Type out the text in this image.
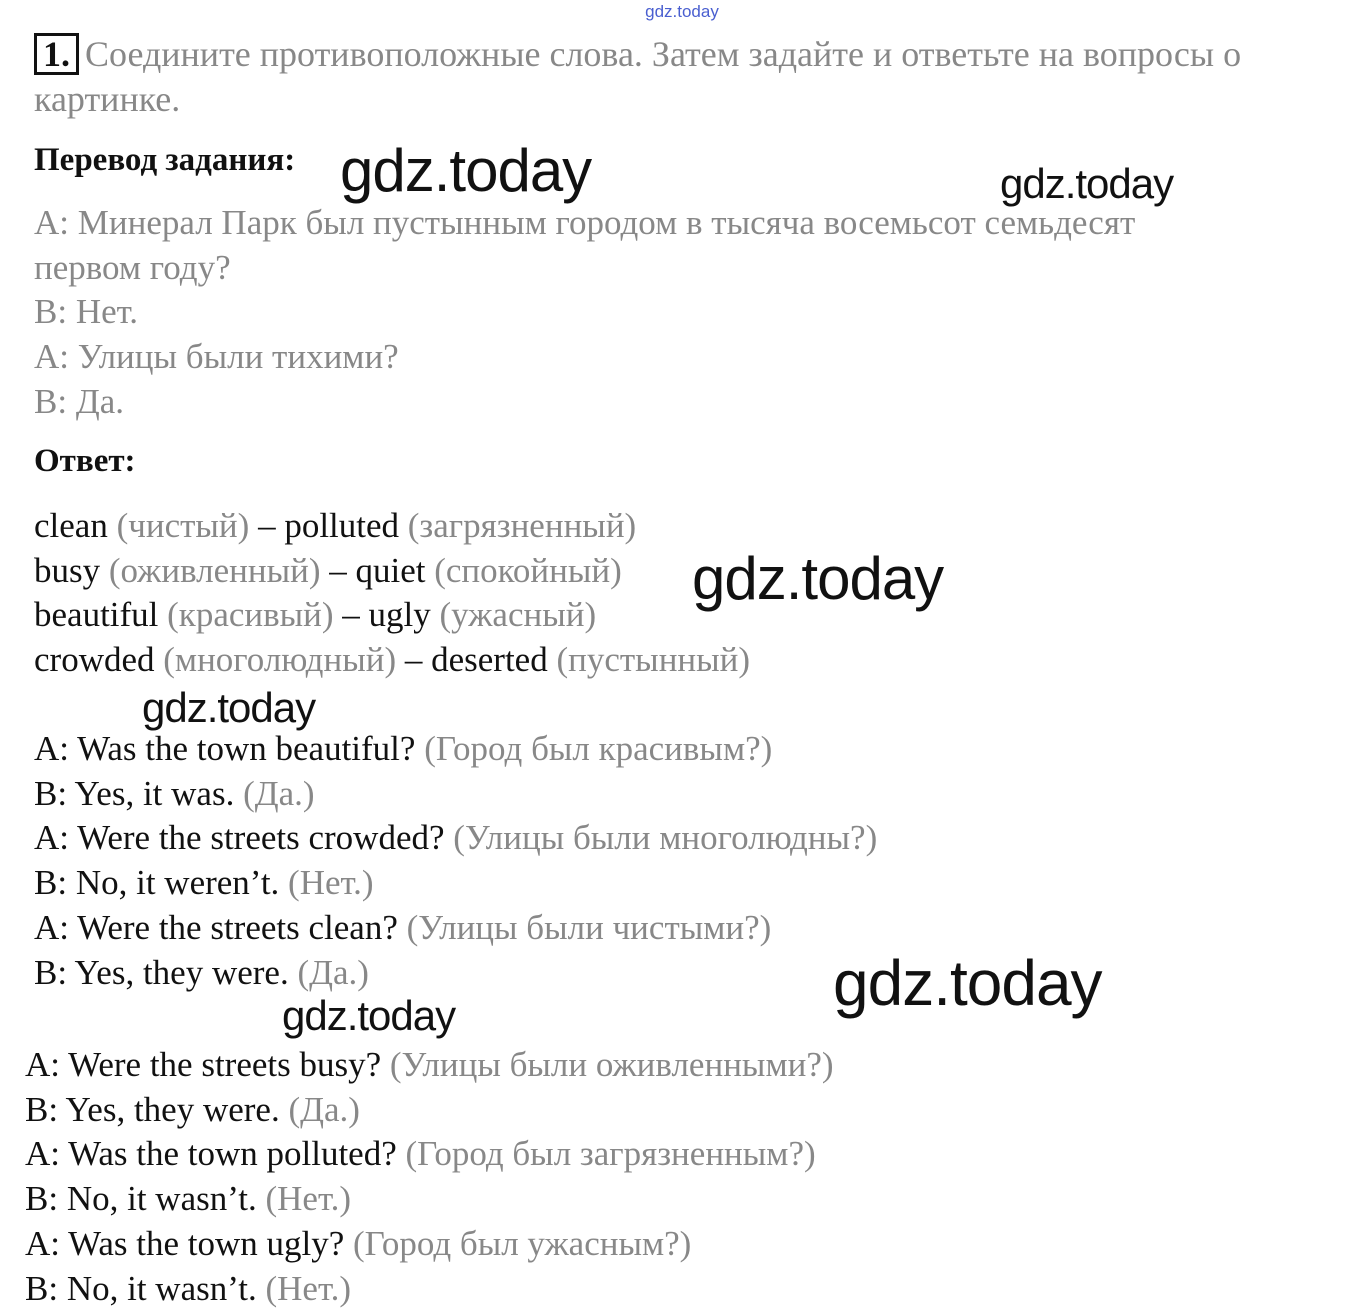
gdz.today
1. Соедините противоположные слова. Затем задайте и ответьте на вопросы о картинке.
Перевод задания:
A: Минерал Парк был пустынным городом в тысяча восемьсот семьдесят
первом году?
B: Нет.
A: Улицы были тихими?
B: Да.
Ответ:
clean (чистый) – polluted (загрязненный)
busy (оживленный) – quiet (спокойный)
beautiful (красивый) – ugly (ужасный)
crowded (многолюдный) – deserted (пустынный)
A: Was the town beautiful? (Город был красивым?)
B: Yes, it was. (Да.)
A: Were the streets crowded? (Улицы были многолюдны?)
B: No, it weren’t. (Нет.)
A: Were the streets clean? (Улицы были чистыми?)
B: Yes, they were. (Да.)
A: Were the streets busy? (Улицы были оживленными?)
B: Yes, they were. (Да.)
A: Was the town polluted? (Город был загрязненным?)
B: No, it wasn’t. (Нет.)
A: Was the town ugly? (Город был ужасным?)
B: No, it wasn’t. (Нет.)
gdz.today	gdz.today
gdz.today
gdz.today
gdz.today
gdz.today
